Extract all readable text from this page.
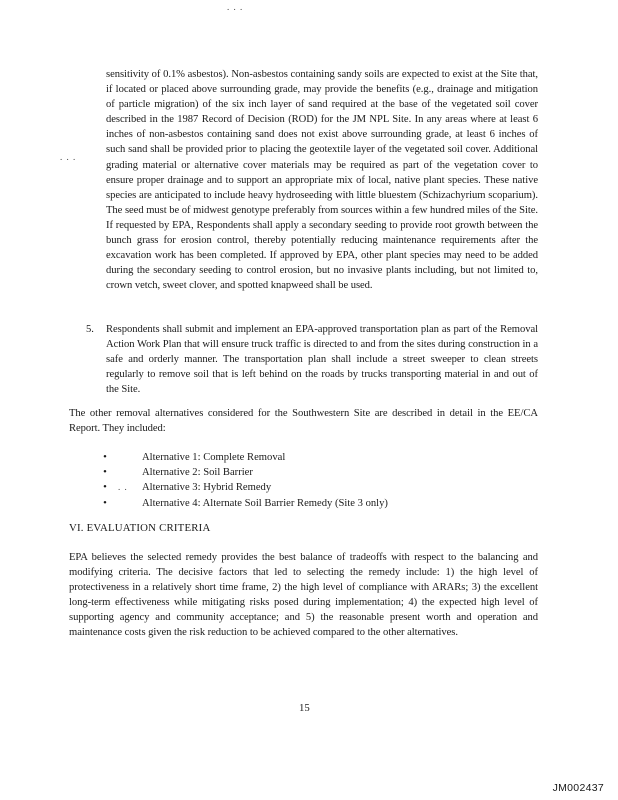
. . .
. . .
. .

sensitivity of 0.1% asbestos). Non-asbestos containing sandy soils are expected to exist at the Site that, if located or placed above surrounding grade, may provide the benefits (e.g., drainage and mitigation of particle migration) of the six inch layer of sand required at the base of the vegetated soil cover described in the 1987 Record of Decision (ROD) for the JM NPL Site. In any areas where at least 6 inches of non-asbestos containing sand does not exist above surrounding grade, at least 6 inches of such sand shall be provided prior to placing the geotextile layer of the vegetated soil cover. Additional grading material or alternative cover materials may be required as part of the vegetation cover to ensure proper drainage and to support an appropriate mix of local, native plant species. These native species are anticipated to include heavy hydroseeding with little bluestem (Schizachyrium scoparium). The seed must be of midwest genotype preferably from sources within a few hundred miles of the Site. If requested by EPA, Respondents shall apply a secondary seeding to provide root growth between the bunch grass for erosion control, thereby potentially reducing maintenance requirements after the excavation work has been completed. If approved by EPA, other plant species may need to be added during the secondary seeding to control erosion, but no invasive plants including, but not limited to, crown vetch, sweet clover, and spotted knapweed shall be used.

5. Respondents shall submit and implement an EPA-approved transportation plan as part of the Removal Action Work Plan that will ensure truck traffic is directed to and from the sites during construction in a safe and orderly manner. The transportation plan shall include a street sweeper to clean streets regularly to remove soil that is left behind on the roads by trucks transporting material in and out of the Site.

The other removal alternatives considered for the Southwestern Site are described in detail in the EE/CA Report. They included:

•	Alternative 1: Complete Removal
•	Alternative 2: Soil Barrier
•	Alternative 3: Hybrid Remedy
•	Alternative 4: Alternate Soil Barrier Remedy (Site 3 only)
VI. EVALUATION CRITERIA

EPA believes the selected remedy provides the best balance of tradeoffs with respect to the balancing and modifying criteria. The decisive factors that led to selecting the remedy include: 1) the high level of protectiveness in a relatively short time frame, 2) the high level of compliance with ARARs; 3) the excellent long-term effectiveness while mitigating risks posed during implementation; 4) the expected high level of supporting agency and community acceptance; and 5) the reasonable present worth and operation and maintenance costs given the risk reduction to be achieved compared to the other alternatives.

15
JM002437
